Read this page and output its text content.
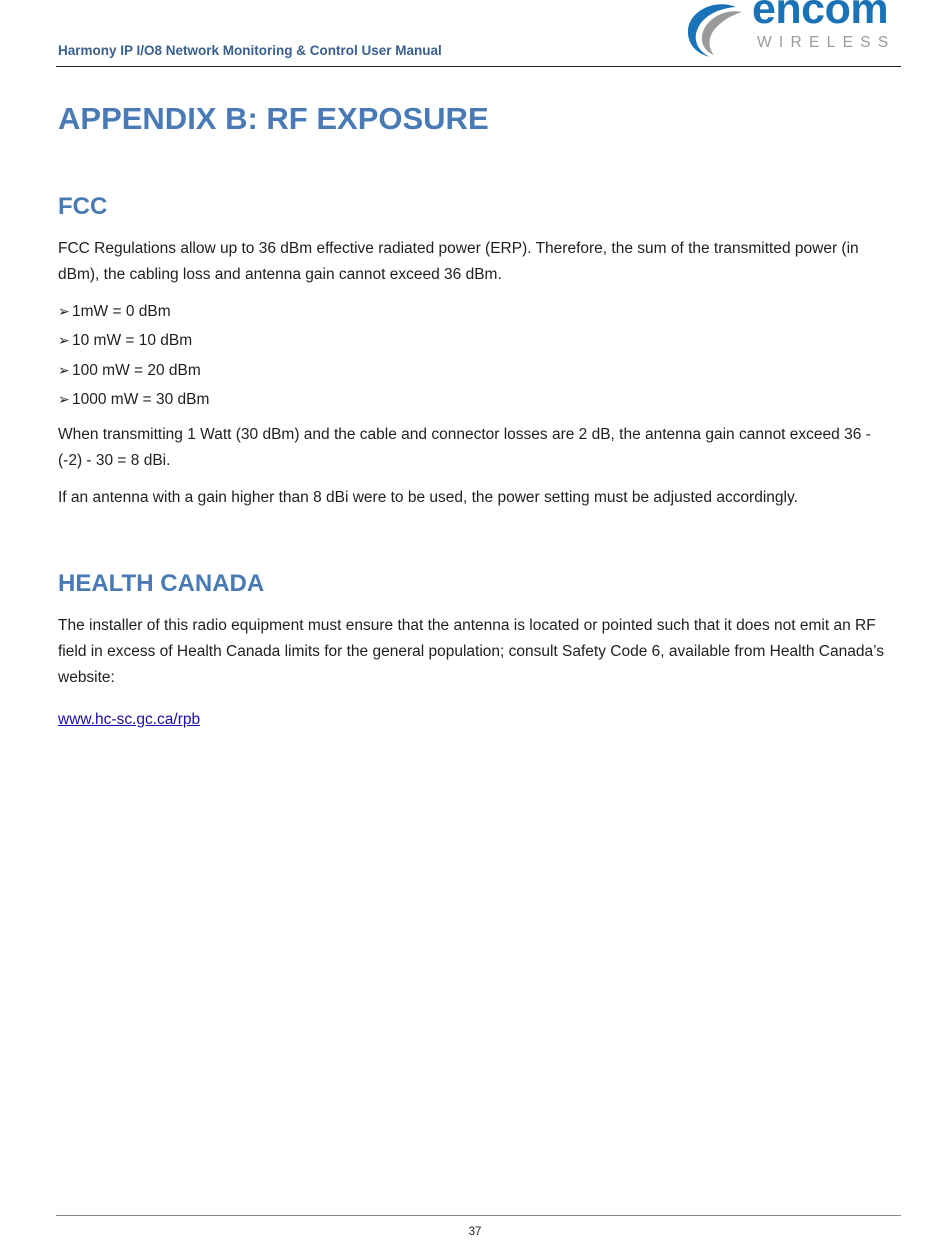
Harmony IP I/O8 Network Monitoring & Control User Manual
encom
WIRELESS
APPENDIX B: RF EXPOSURE
FCC

FCC Regulations allow up to 36 dBm effective radiated power (ERP). Therefore, the sum of the transmitted power (in dBm), the cabling loss and antenna gain cannot exceed 36 dBm.

➢ 1mW = 0 dBm
➢ 10 mW = 10 dBm
➢ 100 mW = 20 dBm
➢ 1000 mW = 30 dBm

When transmitting 1 Watt (30 dBm) and the cable and connector losses are 2 dB, the antenna gain cannot exceed 36 - (-2) - 30 = 8 dBi.

If an antenna with a gain higher than 8 dBi were to be used, the power setting must be adjusted accordingly.

HEALTH CANADA

The installer of this radio equipment must ensure that the antenna is located or pointed such that it does not emit an RF field in excess of Health Canada limits for the general population; consult Safety Code 6, available from Health Canada’s website:

www.hc-sc.gc.ca/rpb

37
